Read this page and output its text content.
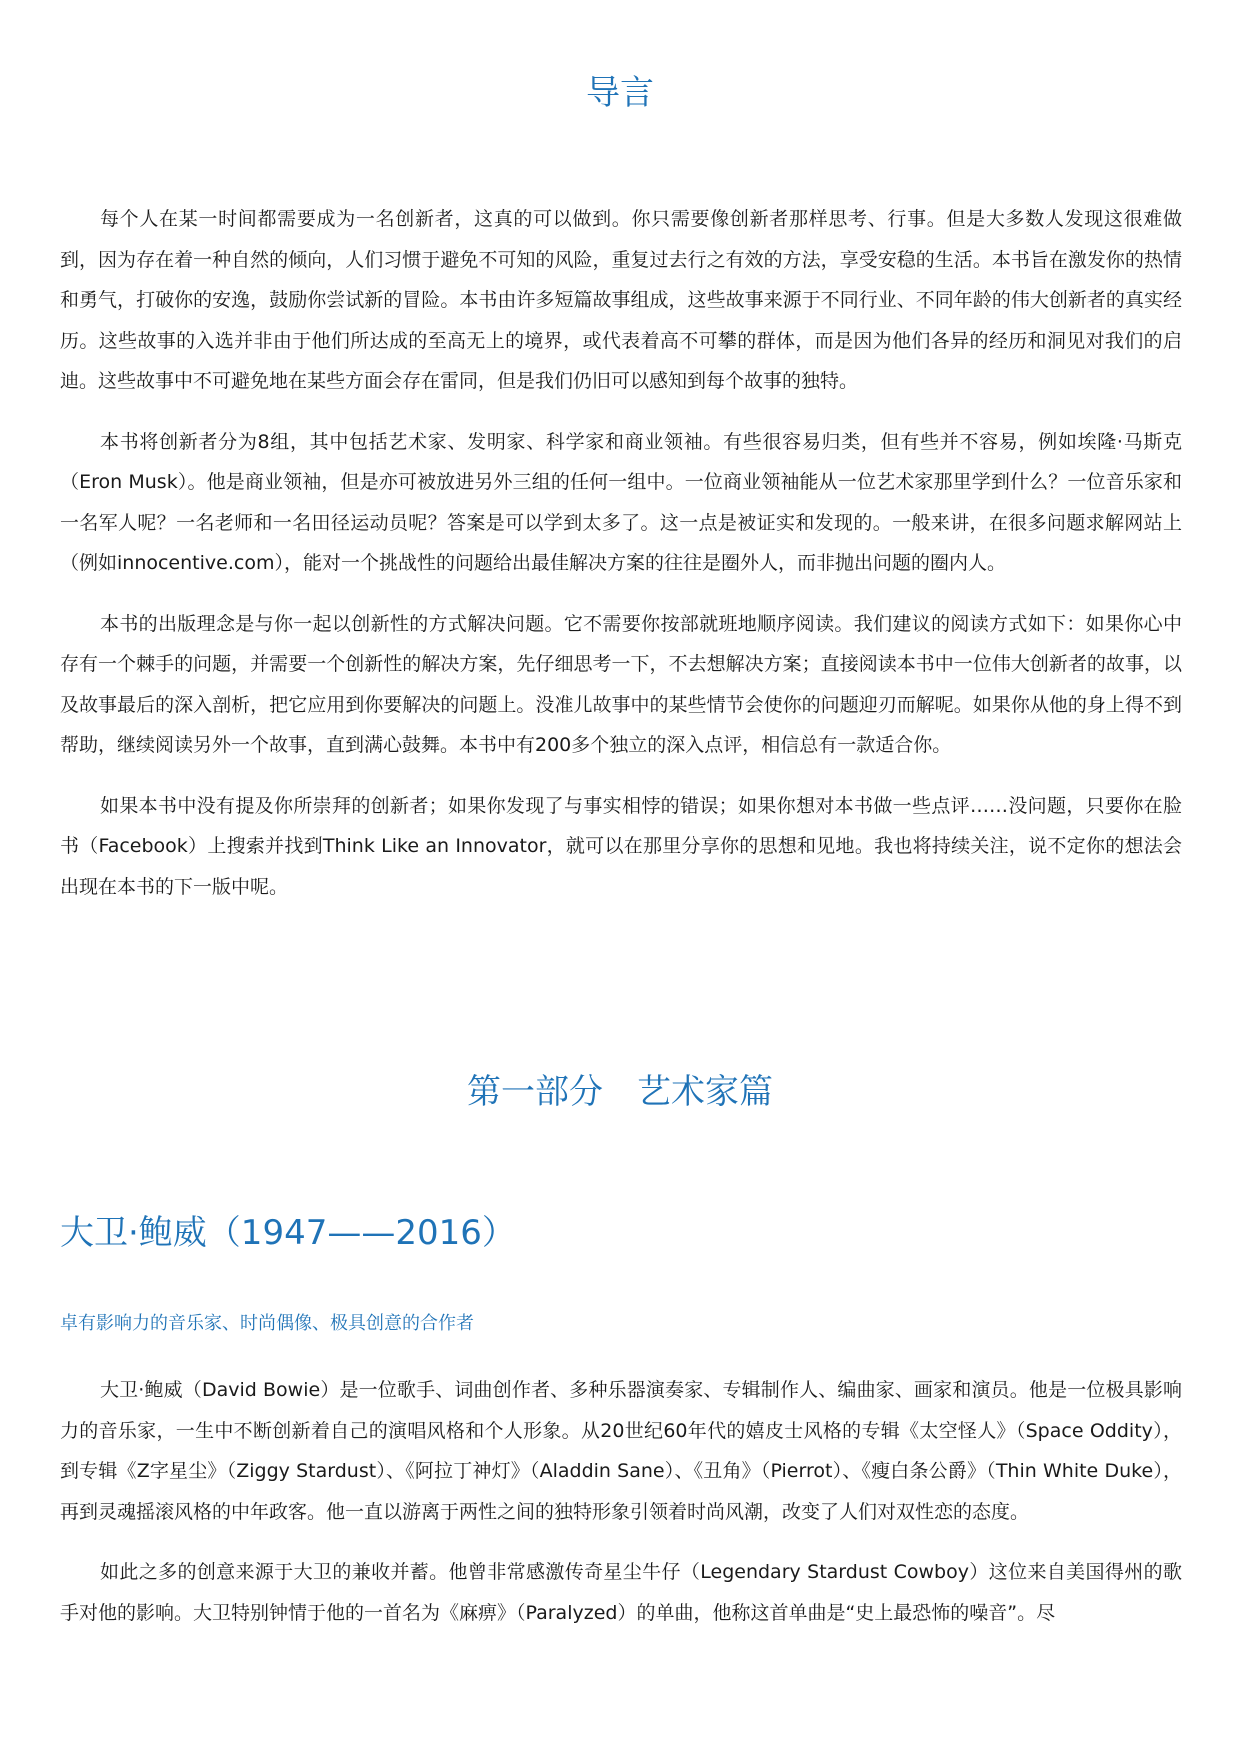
导言

每个人在某一时间都需要成为一名创新者，这真的可以做到。你只需要像创新者那样思考、行事。但是大多数人发现这很难做到，因为存在着一种自然的倾向，人们习惯于避免不可知的风险，重复过去行之有效的方法，享受安稳的生活。本书旨在激发你的热情和勇气，打破你的安逸，鼓励你尝试新的冒险。本书由许多短篇故事组成，这些故事来源于不同行业、不同年龄的伟大创新者的真实经历。这些故事的入选并非由于他们所达成的至高无上的境界，或代表着高不可攀的群体，而是因为他们各异的经历和洞见对我们的启迪。这些故事中不可避免地在某些方面会存在雷同，但是我们仍旧可以感知到每个故事的独特。

本书将创新者分为8组，其中包括艺术家、发明家、科学家和商业领袖。有些很容易归类，但有些并不容易，例如埃隆·马斯克（Eron Musk）。他是商业领袖，但是亦可被放进另外三组的任何一组中。一位商业领袖能从一位艺术家那里学到什么？一位音乐家和一名军人呢？一名老师和一名田径运动员呢？答案是可以学到太多了。这一点是被证实和发现的。一般来讲，在很多问题求解网站上（例如innocentive.com），能对一个挑战性的问题给出最佳解决方案的往往是圈外人，而非抛出问题的圈内人。

本书的出版理念是与你一起以创新性的方式解决问题。它不需要你按部就班地顺序阅读。我们建议的阅读方式如下：如果你心中存有一个棘手的问题，并需要一个创新性的解决方案，先仔细思考一下，不去想解决方案；直接阅读本书中一位伟大创新者的故事，以及故事最后的深入剖析，把它应用到你要解决的问题上。没准儿故事中的某些情节会使你的问题迎刃而解呢。如果你从他的身上得不到帮助，继续阅读另外一个故事，直到满心鼓舞。本书中有200多个独立的深入点评，相信总有一款适合你。

如果本书中没有提及你所崇拜的创新者；如果你发现了与事实相悖的错误；如果你想对本书做一些点评……没问题，只要你在脸书（Facebook）上搜索并找到Think Like an Innovator，就可以在那里分享你的思想和见地。我也将持续关注，说不定你的想法会出现在本书的下一版中呢。

第一部分　艺术家篇
大卫·鲍威（1947——2016）
卓有影响力的音乐家、时尚偶像、极具创意的合作者

大卫·鲍威（David Bowie）是一位歌手、词曲创作者、多种乐器演奏家、专辑制作人、编曲家、画家和演员。他是一位极具影响力的音乐家，一生中不断创新着自己的演唱风格和个人形象。从20世纪60年代的嬉皮士风格的专辑《太空怪人》（Space Oddity），到专辑《Z字星尘》（Ziggy Stardust）、《阿拉丁神灯》（Aladdin Sane）、《丑角》（Pierrot）、《瘦白条公爵》（Thin White Duke），再到灵魂摇滚风格的中年政客。他一直以游离于两性之间的独特形象引领着时尚风潮，改变了人们对双性恋的态度。

如此之多的创意来源于大卫的兼收并蓄。他曾非常感激传奇星尘牛仔（Legendary Stardust Cowboy）这位来自美国得州的歌手对他的影响。大卫特别钟情于他的一首名为《麻痹》（Paralyzed）的单曲，他称这首单曲是“史上最恐怖的噪音”。尽
